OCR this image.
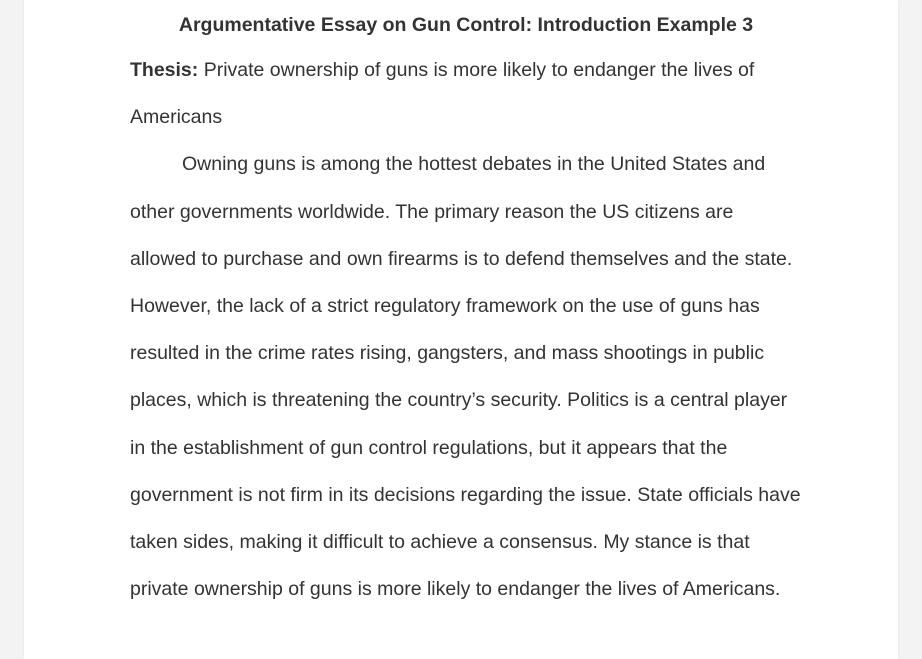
Argumentative Essay on Gun Control: Introduction Example 3

Thesis: Private ownership of guns is more likely to endanger the lives of Americans

Owning guns is among the hottest debates in the United States and other governments worldwide. The primary reason the US citizens are allowed to purchase and own firearms is to defend themselves and the state. However, the lack of a strict regulatory framework on the use of guns has resulted in the crime rates rising, gangsters, and mass shootings in public places, which is threatening the country’s security. Politics is a central player in the establishment of gun control regulations, but it appears that the government is not firm in its decisions regarding the issue. State officials have taken sides, making it difficult to achieve a consensus. My stance is that private ownership of guns is more likely to endanger the lives of Americans.
